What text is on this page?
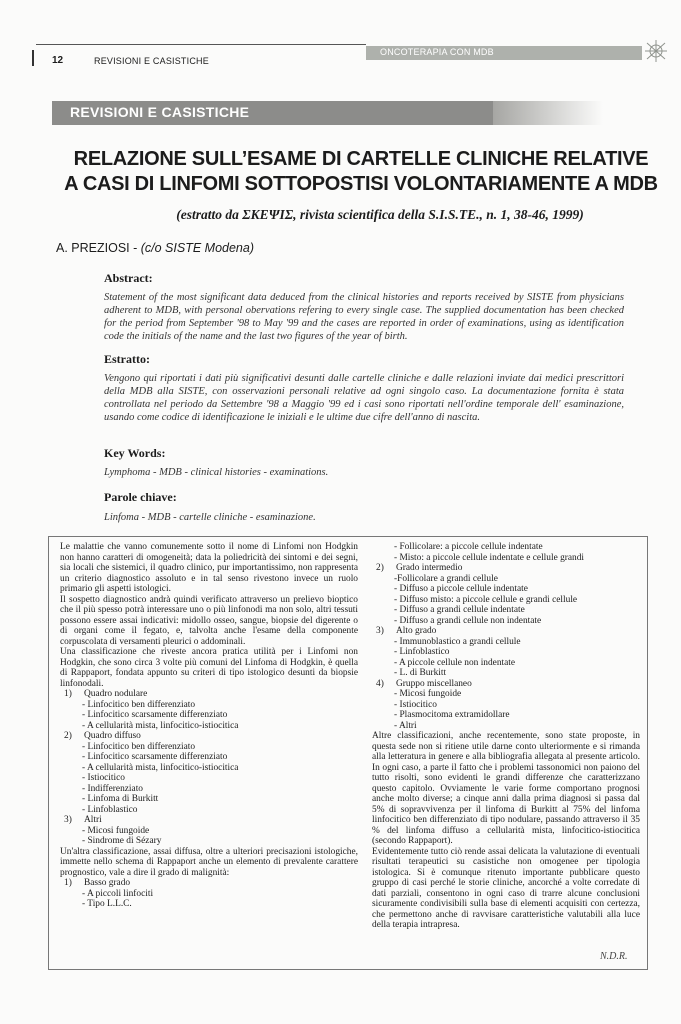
12	REVISIONI E CASISTICHE
ONCOTERAPIA CON MDB
REVISIONI E CASISTICHE
RELAZIONE SULL’ESAME DI CARTELLE CLINICHE RELATIVE
A CASI DI LINFOMI SOTTOPOSTISI VOLONTARIAMENTE A MDB
(estratto da ΣΚΕΨΙΣ, rivista scientifica della S.I.S.TE., n. 1, 38-46, 1999)
A. PREZIOSI - (c/o SISTE Modena)
Abstract:
Statement of the most significant data deduced from the clinical histories and reports received by SISTE from physicians adherent to MDB, with personal obervations refering to every single case. The supplied documentation has been checked for the period from September '98 to May '99 and the cases are reported in order of examinations, using as identification code the initials of the name and the last two figures of the year of birth.
Estratto:
Vengono qui riportati i dati più significativi desunti dalle cartelle cliniche e dalle relazioni inviate dai medici prescrittori della MDB alla SISTE, con osservazioni personali relative ad ogni singolo caso. La documentazione fornita è stata controllata nel periodo da Settembre '98 a Maggio '99 ed i casi sono riportati nell'ordine temporale dell' esaminazione, usando come codice di identificazione le iniziali e le ultime due cifre dell'anno di nascita.
Key Words:
Lymphoma - MDB - clinical histories - examinations.
Parole chiave:
Linfoma - MDB - cartelle cliniche - esaminazione.

Le malattie che vanno comunemente sotto il nome di Linfomi non Hodgkin non hanno caratteri di omogeneità; data la poliedricità dei sintomi e dei segni, sia locali che sistemici, il quadro clinico, pur importantissimo, non rappresenta un criterio diagnostico assoluto e in tal senso rivestono invece un ruolo primario gli aspetti istologici.

Il sospetto diagnostico andrà quindi verificato attraverso un prelievo bioptico che il più spesso potrà interessare uno o più linfonodi ma non solo, altri tessuti possono essere assai indicativi: midollo osseo, sangue, biopsie del digerente o di organi come il fegato, e, talvolta anche l'esame della componente corpuscolata di versamenti pleurici o addominali.

Una classificazione che riveste ancora pratica utilità per i Linfomi non Hodgkin, che sono circa 3 volte più comuni del Linfoma di Hodgkin, è quella di Rappaport, fondata appunto su criteri di tipo istologico desunti da biopsie linfonodali.

1) Quadro nodulare

- Linfocitico ben differenziato

- Linfocitico scarsamente differenziato

- A cellularità mista, linfocitico-istiocitica

2) Quadro diffuso

- Linfocitico ben differenziato

- Linfocitico scarsamente differenziato

- A cellularità mista, linfocitico-istiocitica

- Istiocitico

- Indifferenziato

- Linfoma di Burkitt

- Linfoblastico

3) Altri

- Micosi fungoide

- Sindrome di Sézary

Un'altra classificazione, assai diffusa, oltre a ulteriori precisazioni istologiche, immette nello schema di Rappaport anche un elemento di prevalente carattere prognostico, vale a dire il grado di malignità:

1) Basso grado

- A piccoli linfociti

- Tipo L.L.C.

- Follicolare: a piccole cellule indentate

- Misto: a piccole cellule indentate e cellule grandi

2) Grado intermedio

-Follicolare a grandi cellule

- Diffuso a piccole cellule indentate

- Diffuso misto: a piccole cellule e grandi cellule

- Diffuso a grandi cellule indentate

- Diffuso a grandi cellule non indentate

3) Alto grado

- Immunoblastico a grandi cellule

- Linfoblastico

- A piccole cellule non indentate

- L. di Burkitt

4) Gruppo miscellaneo

- Micosi fungoide

- Istiocitico

- Plasmocitoma extramidollare

- Altri

Altre classificazioni, anche recentemente, sono state proposte, in questa sede non si ritiene utile darne conto ulteriormente e si rimanda alla letteratura in genere e alla bibliografia allegata al presente articolo. In ogni caso, a parte il fatto che i problemi tassonomici non paiono del tutto risolti, sono evidenti le grandi differenze che caratterizzano questo capitolo. Ovviamente le varie forme comportano prognosi anche molto diverse; a cinque anni dalla prima diagnosi si passa dal 5% di sopravvivenza per il linfoma di Burkitt al 75% del linfoma linfocitico ben differenziato di tipo nodulare, passando attraverso il 35 % del linfoma diffuso a cellularità mista, linfocitico-istiocitica (secondo Rappaport).

Evidentemente tutto ciò rende assai delicata la valutazione di eventuali risultati terapeutici su casistiche non omogenee per tipologia istologica. Si è comunque ritenuto importante pubblicare questo gruppo di casi perché le storie cliniche, ancorché a volte corredate di dati parziali, consentono in ogni caso di trarre alcune conclusioni sicuramente condivisibili sulla base di elementi acquisiti con certezza, che permettono anche di ravvisare caratteristiche valutabili alla luce della terapia intrapresa.

N.D.R.
